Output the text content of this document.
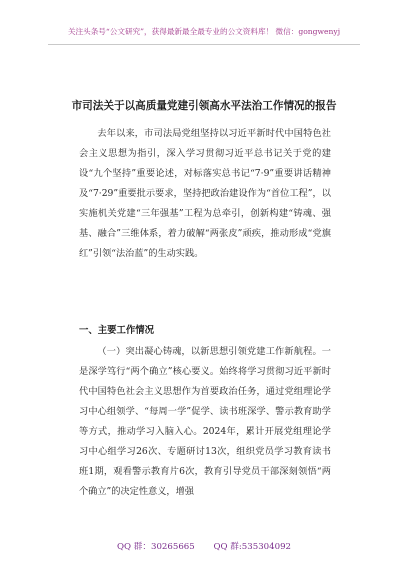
关注头条号“公文研究”，获得最新最全最专业的公文资料库！ 微信：gongwenyj
市司法关于以高质量党建引领高水平法治工作情况的报告
去年以来，市司法局党组坚持以习近平新时代中国特色社会主义思想为指引，深入学习贯彻习近平总书记关于党的建设“九个坚持”重要论述，对标落实总书记“7·9”重要讲话精神及“7·29”重要批示要求，坚持把政治建设作为“首位工程”，以实施机关党建“三年强基”工程为总牵引，创新构建“铸魂、强基、融合”三维体系，着力破解“两张皮”顽疾，推动形成“党旗红”引领“法治蓝”的生动实践。
一、主要工作情况
（一）突出凝心铸魂，以新思想引领党建工作新航程。一是深学笃行“两个确立”核心要义。始终将学习贯彻习近平新时代中国特色社会主义思想作为首要政治任务，通过党组理论学习中心组领学、“每周一学”促学、读书班深学、警示教育助学等方式，推动学习入脑入心。2024年，累计开展党组理论学习中心组学习26次、专题研讨13次，组织党员学习教育读书班1期，观看警示教育片6次，教育引导党员干部深刻领悟“两个确立”的决定性意义，增强
QQ 群：30265665 QQ 群:535304092
